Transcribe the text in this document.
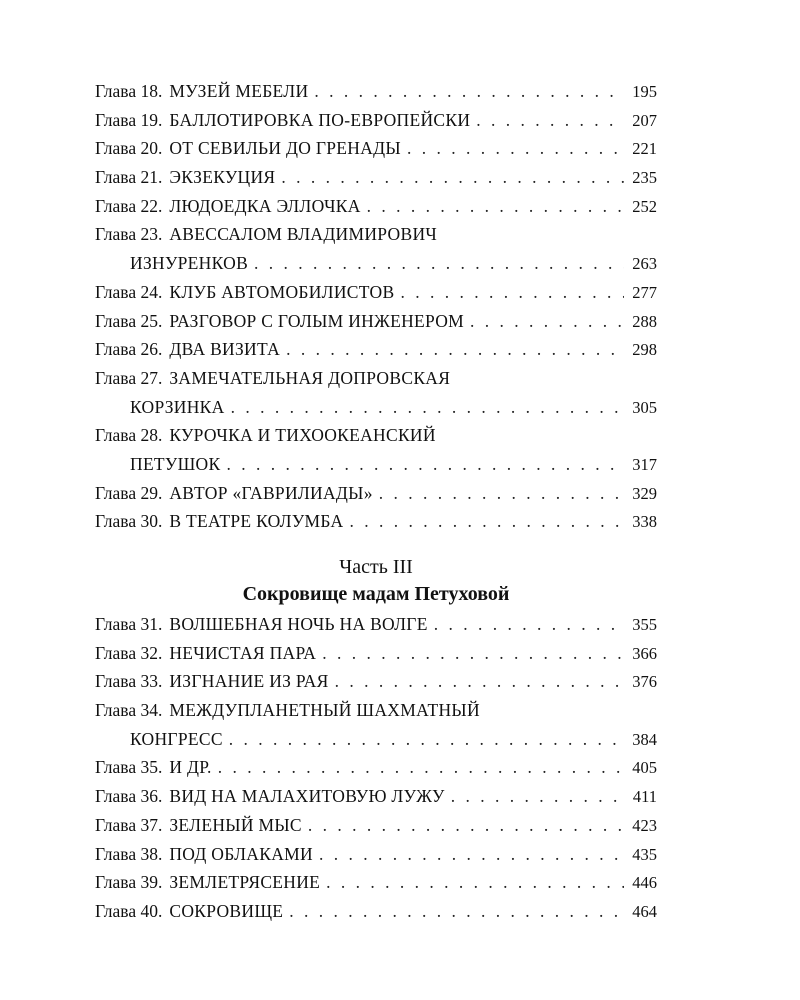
Глава 18. МУЗЕЙ МЕБЕЛИ . . .	195
Глава 19. БАЛЛОТИРОВКА ПО-ЕВРОПЕЙСКИ . . .	207
Глава 20. ОТ СЕВИЛЬИ ДО ГРЕНАДЫ . . .	221
Глава 21. ЭКЗЕКУЦИЯ . . .	235
Глава 22. ЛЮДОЕДКА ЭЛЛОЧКА . . .	252
Глава 23. АВЕССАЛОМ ВЛАДИМИРОВИЧ
ИЗНУРЕНКОВ . . .	263
Глава 24. КЛУБ АВТОМОБИЛИСТОВ . . .	277
Глава 25. РАЗГОВОР С ГОЛЫМ ИНЖЕНЕРОМ . . .	288
Глава 26. ДВА ВИЗИТА . . .	298
Глава 27. ЗАМЕЧАТЕЛЬНАЯ ДОПРОВСКАЯ
КОРЗИНКА . . .	305
Глава 28. КУРОЧКА И ТИХООКЕАНСКИЙ
ПЕТУШОК . . .	317
Глава 29. АВТОР «ГАВРИЛИАДЫ» . . .	329
Глава 30. В ТЕАТРЕ КОЛУМБА . . .	338
Часть III
Сокровище мадам Петуховой
Глава 31. ВОЛШЕБНАЯ НОЧЬ НА ВОЛГЕ . . .	355
Глава 32. НЕЧИСТАЯ ПАРА . . .	366
Глава 33. ИЗГНАНИЕ ИЗ РАЯ . . .	376
Глава 34. МЕЖДУПЛАНЕТНЫЙ ШАХМАТНЫЙ
КОНГРЕСС . . .	384
Глава 35. И ДР. . . .	405
Глава 36. ВИД НА МАЛАХИТОВУЮ ЛУЖУ . . .	411
Глава 37. ЗЕЛЕНЫЙ МЫС . . .	423
Глава 38. ПОД ОБЛАКАМИ . . .	435
Глава 39. ЗЕМЛЕТРЯСЕНИЕ . . .	446
Глава 40. СОКРОВИЩЕ . . .	464
